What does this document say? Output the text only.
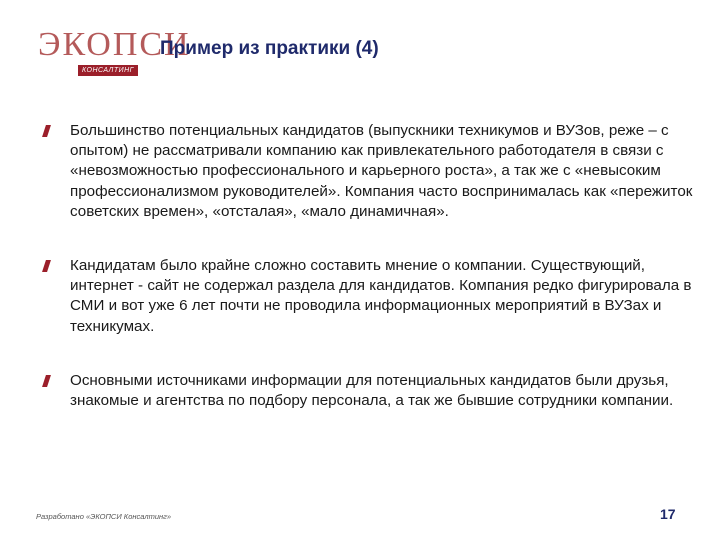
ЭКОПСИ
КОНСАЛТИНГ
Пример из практики (4)
Большинство потенциальных кандидатов (выпускники техникумов и ВУЗов, реже – с опытом) не рассматривали компанию как привлекательного работодателя в связи с «невозможностью профессионального и карьерного роста», а так же с «невысоким профессионализмом руководителей». Компания часто воспринималась как «пережиток советских времен», «отсталая», «мало динамичная».
Кандидатам было крайне сложно составить мнение о компании. Существующий, интернет - сайт не содержал раздела для кандидатов. Компания редко фигурировала в СМИ и вот уже 6 лет почти не проводила информационных мероприятий в ВУЗах и техникумах.
Основными источниками информации для потенциальных кандидатов были друзья, знакомые и агентства по подбору персонала, а так же бывшие сотрудники компании.
Разработано «ЭКОПСИ Консалтинг»	17
